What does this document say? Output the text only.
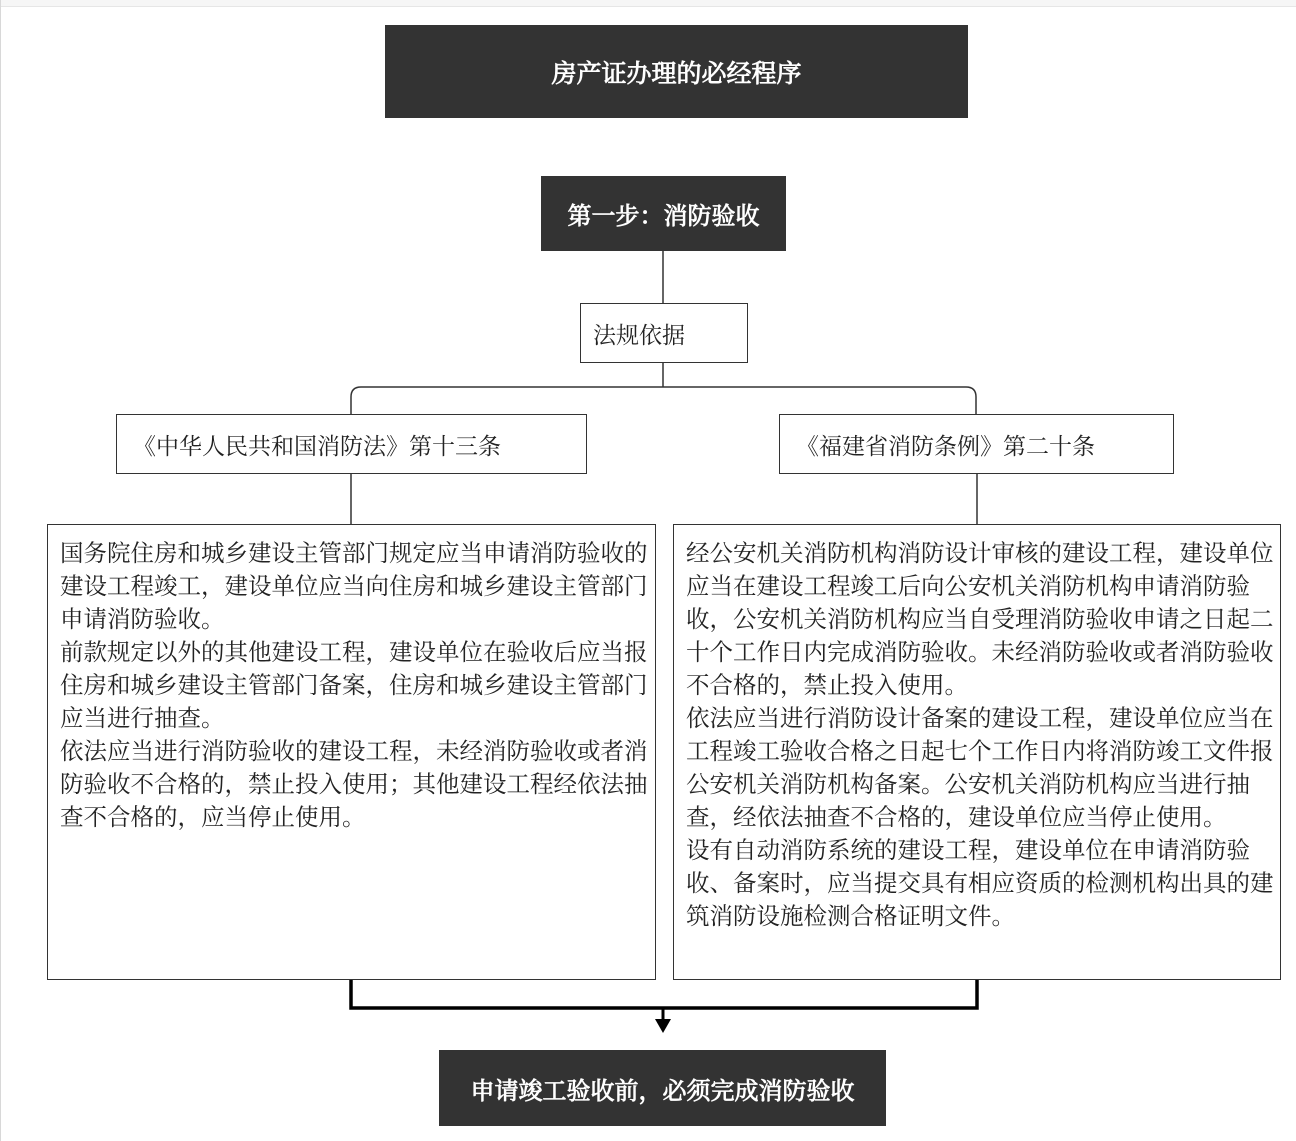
房产证办理的必经程序
第一步：消防验收
法规依据
《中华人民共和国消防法》第十三条	《福建省消防条例》第二十条

国务院住房和城乡建设主管部门规定应当申请消防验收的建设工程竣工，建设单位应当向住房和城乡建设主管部门申请消防验收。

前款规定以外的其他建设工程，建设单位在验收后应当报住房和城乡建设主管部门备案，住房和城乡建设主管部门应当进行抽查。

依法应当进行消防验收的建设工程，未经消防验收或者消防验收不合格的，禁止投入使用；其他建设工程经依法抽查不合格的，应当停止使用。

经公安机关消防机构消防设计审核的建设工程，建设单位应当在建设工程竣工后向公安机关消防机构申请消防验收，公安机关消防机构应当自受理消防验收申请之日起二十个工作日内完成消防验收。未经消防验收或者消防验收不合格的，禁止投入使用。

依法应当进行消防设计备案的建设工程，建设单位应当在工程竣工验收合格之日起七个工作日内将消防竣工文件报公安机关消防机构备案。公安机关消防机构应当进行抽查，经依法抽查不合格的，建设单位应当停止使用。

设有自动消防系统的建设工程，建设单位在申请消防验收、备案时，应当提交具有相应资质的检测机构出具的建筑消防设施检测合格证明文件。

申请竣工验收前，必须完成消防验收
